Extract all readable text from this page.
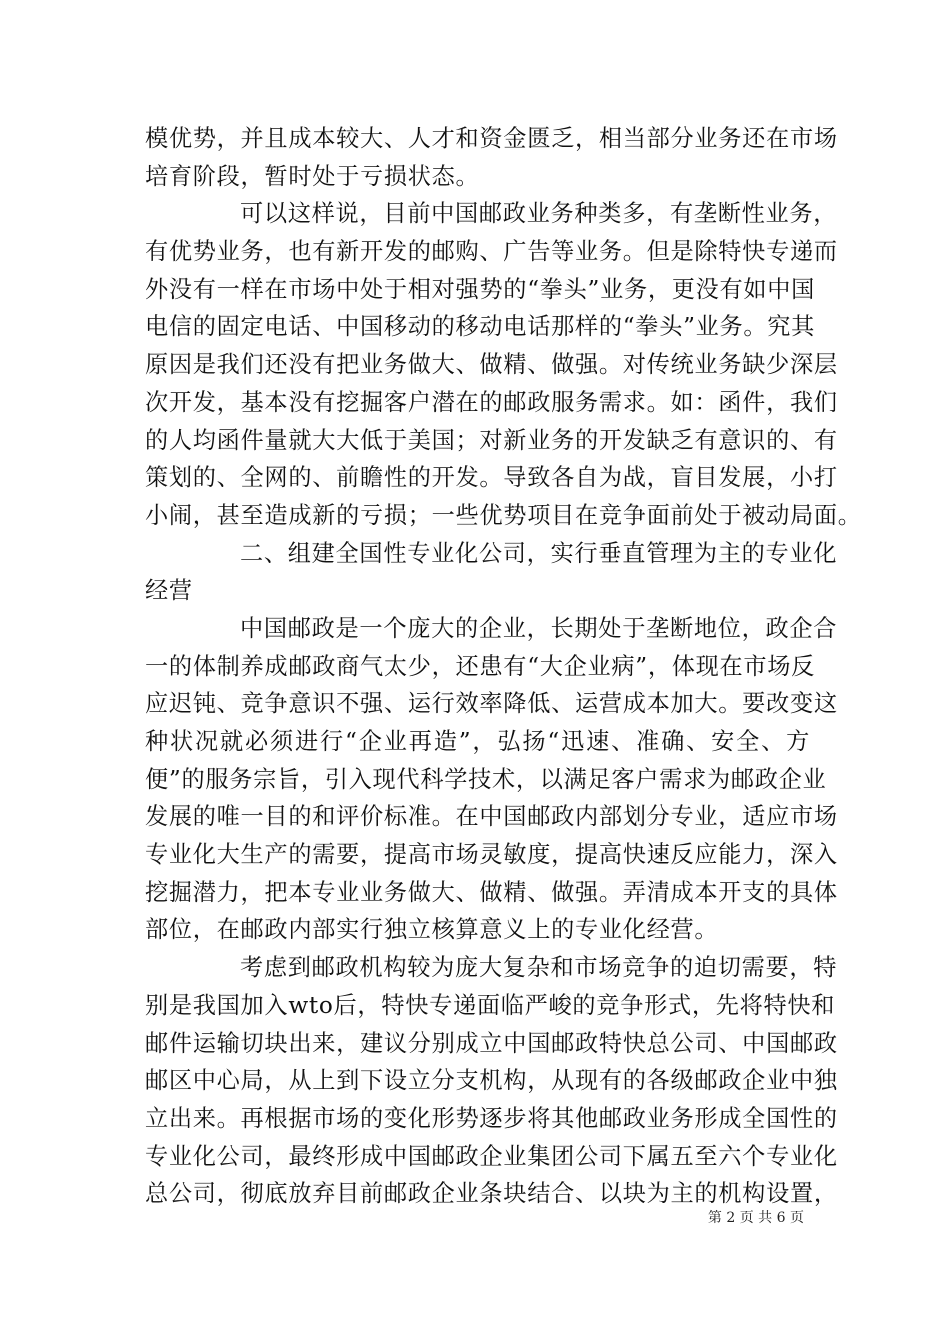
模优势，并且成本较大、人才和资金匮乏，相当部分业务还在市场
培育阶段，暂时处于亏损状态。
可以这样说，目前中国邮政业务种类多，有垄断性业务，
有优势业务，也有新开发的邮购、广告等业务。但是除特快专递而
外没有一样在市场中处于相对强势的“拳头”业务，更没有如中国
电信的固定电话、中国移动的移动电话那样的“拳头”业务。究其
原因是我们还没有把业务做大、做精、做强。对传统业务缺少深层
次开发，基本没有挖掘客户潜在的邮政服务需求。如：函件，我们
的人均函件量就大大低于美国；对新业务的开发缺乏有意识的、有
策划的、全网的、前瞻性的开发。导致各自为战，盲目发展，小打
小闹，甚至造成新的亏损；一些优势项目在竞争面前处于被动局面。
二、组建全国性专业化公司，实行垂直管理为主的专业化
经营
中国邮政是一个庞大的企业，长期处于垄断地位，政企合
一的体制养成邮政商气太少，还患有“大企业病”，体现在市场反
应迟钝、竞争意识不强、运行效率降低、运营成本加大。要改变这
种状况就必须进行“企业再造”，弘扬“迅速、准确、安全、方
便”的服务宗旨，引入现代科学技术，以满足客户需求为邮政企业
发展的唯一目的和评价标准。在中国邮政内部划分专业，适应市场
专业化大生产的需要，提高市场灵敏度，提高快速反应能力，深入
挖掘潜力，把本专业业务做大、做精、做强。弄清成本开支的具体
部位，在邮政内部实行独立核算意义上的专业化经营。
考虑到邮政机构较为庞大复杂和市场竞争的迫切需要，特
别是我国加入wto后，特快专递面临严峻的竞争形式，先将特快和
邮件运输切块出来，建议分别成立中国邮政特快总公司、中国邮政
邮区中心局，从上到下设立分支机构，从现有的各级邮政企业中独
立出来。再根据市场的变化形势逐步将其他邮政业务形成全国性的
专业化公司，最终形成中国邮政企业集团公司下属五至六个专业化
总公司，彻底放弃目前邮政企业条块结合、以块为主的机构设置，
第 2 页 共 6 页
